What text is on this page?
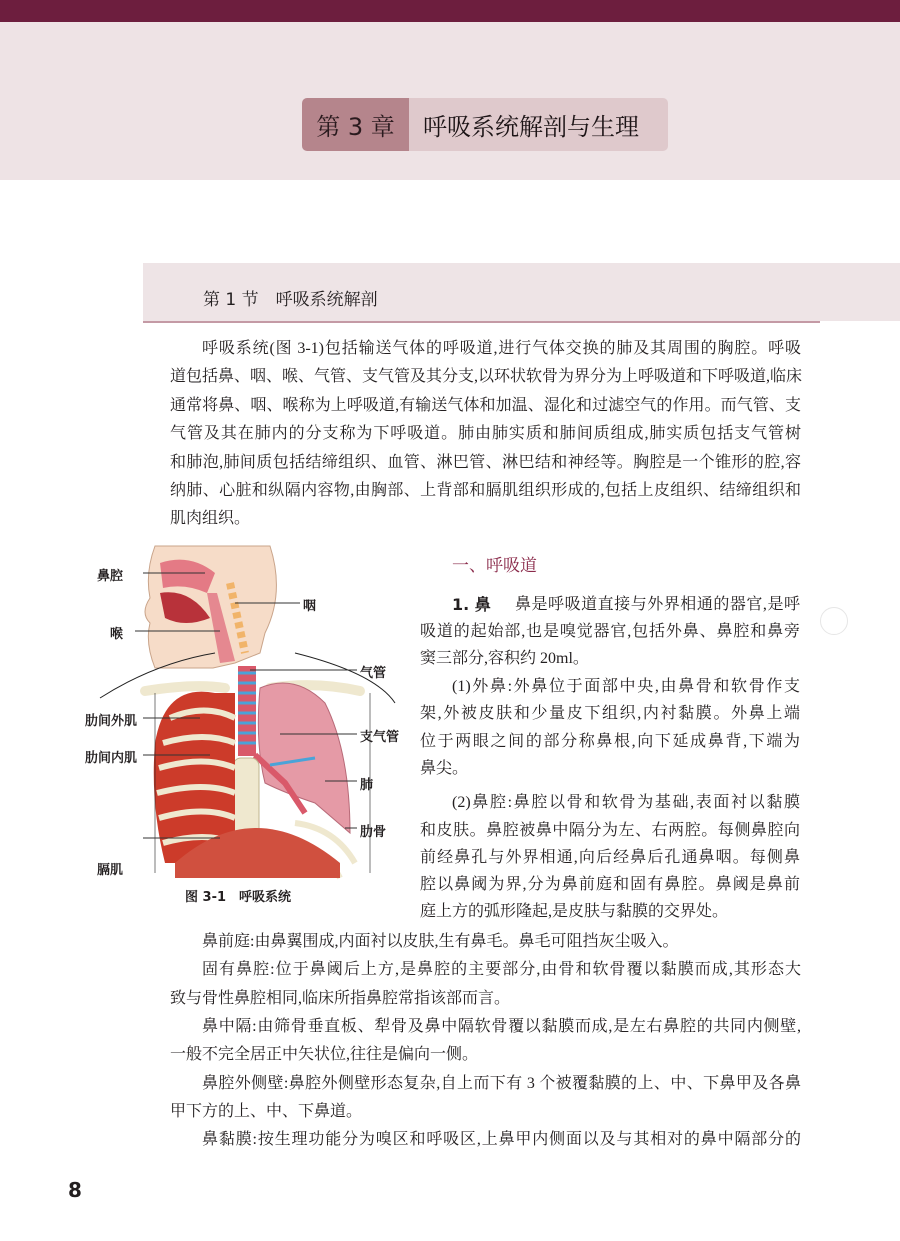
第 3 章	呼吸系统解剖与生理
第 1 节　呼吸系统解剖
呼吸系统(图 3-1)包括输送气体的呼吸道,进行气体交换的肺及其周围的胸腔。呼吸
道包括鼻、咽、喉、气管、支气管及其分支,以环状软骨为界分为上呼吸道和下呼吸道,临床
通常将鼻、咽、喉称为上呼吸道,有输送气体和加温、湿化和过滤空气的作用。而气管、支
气管及其在肺内的分支称为下呼吸道。肺由肺实质和肺间质组成,肺实质包括支气管树
和肺泡,肺间质包括结缔组织、血管、淋巴管、淋巴结和神经等。胸腔是一个锥形的腔,容
纳肺、心脏和纵隔内容物,由胸部、上背部和膈肌组织形成的,包括上皮组织、结缔组织和
肌肉组织。
一、呼吸道
鼻是呼吸道直接与外界相通的器官,是呼
吸道的起始部,也是嗅觉器官,包括外鼻、鼻腔和鼻旁
窦三部分,容积约 20ml。
(1)外鼻:外鼻位于面部中央,由鼻骨和软骨作支
架,外被皮肤和少量皮下组织,内衬黏膜。外鼻上端
位于两眼之间的部分称鼻根,向下延成鼻背,下端为
鼻尖。
(2)鼻腔:鼻腔以骨和软骨为基础,表面衬以黏膜
和皮肤。鼻腔被鼻中隔分为左、右两腔。每侧鼻腔向
前经鼻孔与外界相通,向后经鼻后孔通鼻咽。每侧鼻
腔以鼻阈为界,分为鼻前庭和固有鼻腔。鼻阈是鼻前
庭上方的弧形隆起,是皮肤与黏膜的交界处。
1. 鼻
鼻前庭:由鼻翼围成,内面衬以皮肤,生有鼻毛。鼻毛可阻挡灰尘吸入。
固有鼻腔:位于鼻阈后上方,是鼻腔的主要部分,由骨和软骨覆以黏膜而成,其形态大
致与骨性鼻腔相同,临床所指鼻腔常指该部而言。
鼻中隔:由筛骨垂直板、犁骨及鼻中隔软骨覆以黏膜而成,是左右鼻腔的共同内侧壁,
一般不完全居正中矢状位,往往是偏向一侧。
鼻腔外侧壁:鼻腔外侧壁形态复杂,自上而下有 3 个被覆黏膜的上、中、下鼻甲及各鼻
甲下方的上、中、下鼻道。
鼻黏膜:按生理功能分为嗅区和呼吸区,上鼻甲内侧面以及与其相对的鼻中隔部分的
鼻腔
咽
喉
气管
肋间外肌
支气管
肋间内肌
肺
肋骨
膈肌
图 3-1　呼吸系统
8
